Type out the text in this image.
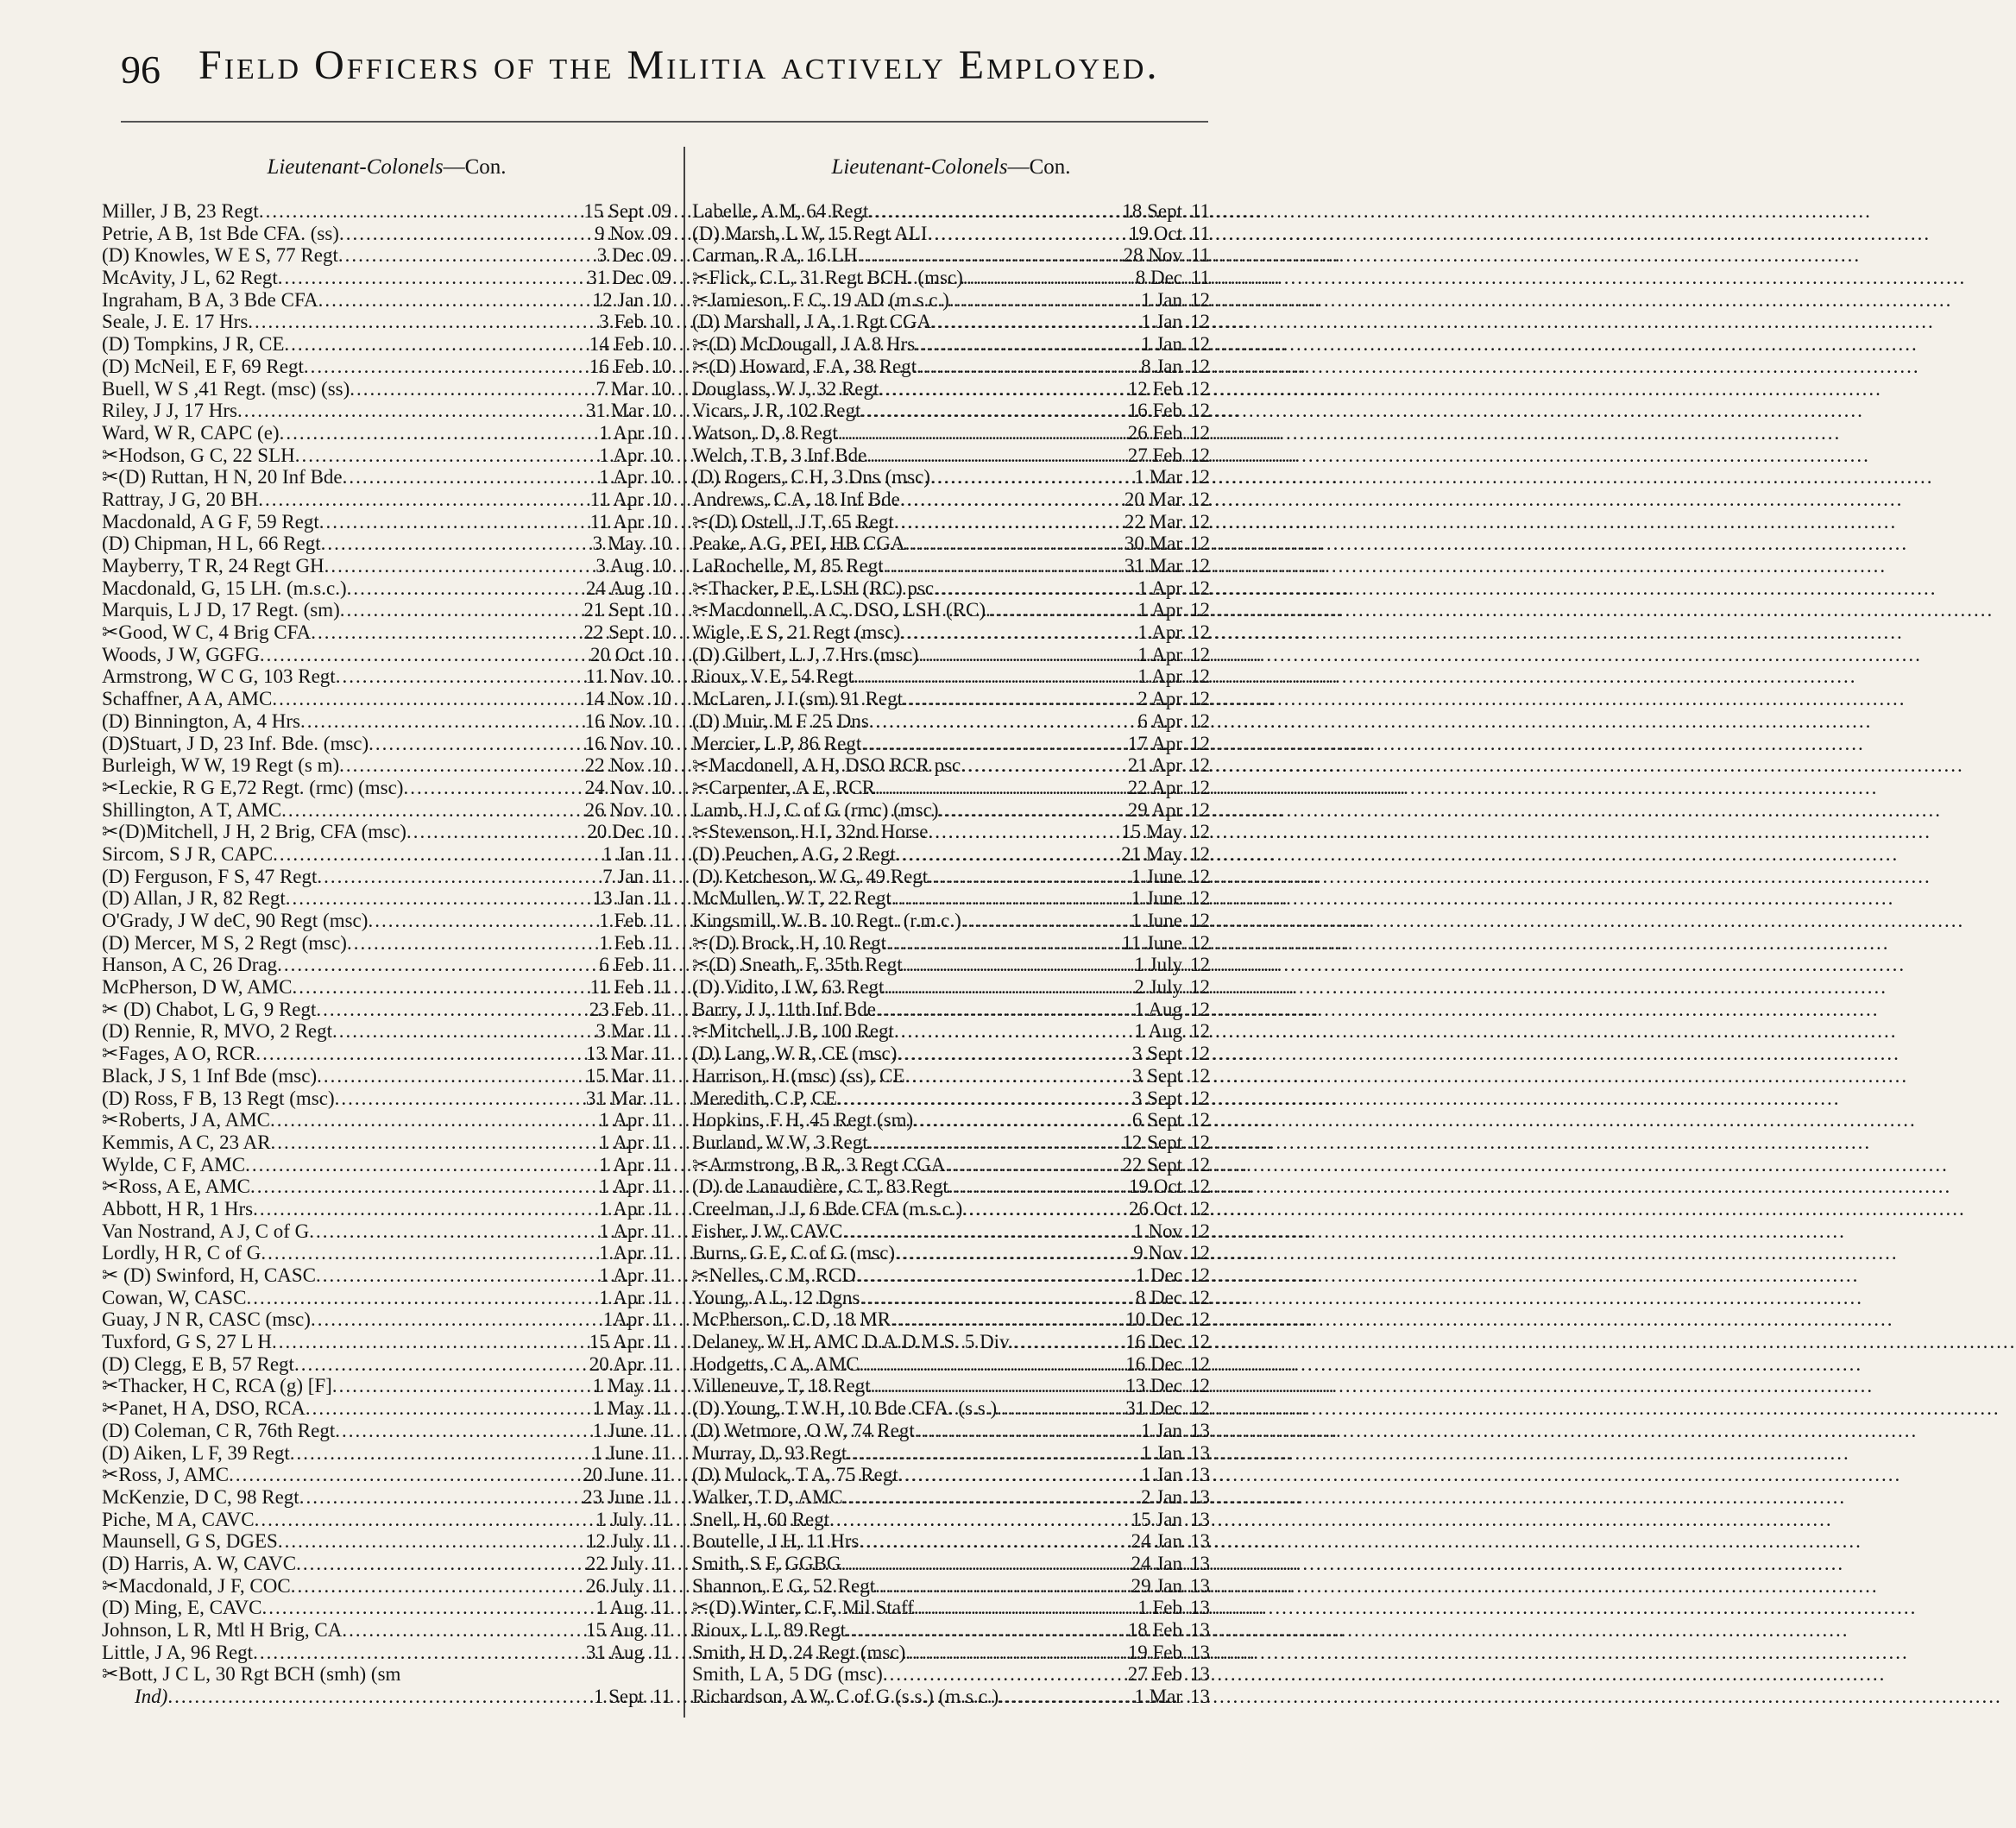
96 Field Officers of the Militia actively Employed.
Lieutenant-Colonels—Con.
Miller, J B, 23 Regt .....	15 Sept 09
Petrie, A B, 1st Bde CFA. (ss) .....	9 Nov 09
(D) Knowles, W E S, 77 Regt .....	3 Dec 09
McAvity, J L, 62 Regt .....	31 Dec 09
Ingraham, B A, 3 Bde CFA .....	12 Jan 10
Seale, J. E. 17 Hrs .....	3 Feb 10
(D) Tompkins, J R, CE .....	14 Feb 10
(D) McNeil, E F, 69 Regt .....	16 Feb 10
Buell, W S ,41 Regt. (msc) (ss) .....	7 Mar 10
Riley, J J, 17 Hrs .....	31 Mar 10
Ward, W R, CAPC (e) .....	1 Apr 10
✂Hodson, G C, 22 SLH .....	1 Apr 10
✂(D) Ruttan, H N, 20 Inf Bde .....	1 Apr 10
Rattray, J G, 20 BH .....	11 Apr 10
Macdonald, A G F, 59 Regt .....	11 Apr 10
(D) Chipman, H L, 66 Regt .....	3 May 10
Mayberry, T R, 24 Regt GH .....	3 Aug 10
Macdonald, G, 15 LH. (m.s.c.) .....	24 Aug 10
Marquis, L J D, 17 Regt. (sm) .....	21 Sept 10
✂Good, W C, 4 Brig CFA .....	22 Sept 10
Woods, J W, GGFG .....	20 Oct 10
Armstrong, W C G, 103 Regt .....	11 Nov 10
Schaffner, A A, AMC .....	14 Nov 10
(D) Binnington, A, 4 Hrs .....	16 Nov 10
(D)Stuart, J D, 23 Inf. Bde. (msc) .....	16 Nov 10
Burleigh, W W, 19 Regt (s m) .....	22 Nov 10
✂Leckie, R G E,72 Regt. (rmc) (msc) .....	24 Nov 10
Shillington, A T, AMC .....	26 Nov 10
✂(D)Mitchell, J H, 2 Brig, CFA (msc) .....	20 Dec 10
Sircom, S J R, CAPC .....	1 Jan 11
(D) Ferguson, F S, 47 Regt .....	7 Jan 11
(D) Allan, J R, 82 Regt .....	13 Jan 11
O'Grady, J W deC, 90 Regt (msc) .....	1 Feb 11
(D) Mercer, M S, 2 Regt (msc) .....	1 Feb 11
Hanson, A C, 26 Drag .....	6 Feb 11
McPherson, D W, AMC .....	11 Feb 11
✂ (D) Chabot, L G, 9 Regt .....	23 Feb 11
(D) Rennie, R, MVO, 2 Regt .....	3 Mar 11
✂Fages, A O, RCR .....	13 Mar 11
Black, J S, 1 Inf Bde (msc) .....	15 Mar 11
(D) Ross, F B, 13 Regt (msc) .....	31 Mar 11
✂Roberts, J A, AMC .....	1 Apr 11
Kemmis, A C, 23 AR .....	1 Apr 11
Wylde, C F, AMC .....	1 Apr 11
✂Ross, A E, AMC .....	1 Apr 11
Abbott, H R, 1 Hrs .....	1 Apr 11
Van Nostrand, A J, C of G .....	1 Apr 11
Lordly, H R, C of G .....	1 Apr 11
✂ (D) Swinford, H, CASC .....	1 Apr 11
Cowan, W, CASC .....	1 Apr 11
Guay, J N R, CASC (msc) .....	1Apr 11
Tuxford, G S, 27 L H .....	15 Apr 11
(D) Clegg, E B, 57 Regt .....	20 Apr 11
✂Thacker, H C, RCA (g) [F] .....	1 May 11
✂Panet, H A, DSO, RCA .....	1 May 11
(D) Coleman, C R, 76th Regt .....	1 June 11
(D) Aiken, L F, 39 Regt .....	1 June 11
✂Ross, J, AMC .....	20 June 11
McKenzie, D C, 98 Regt .....	23 June 11
Piche, M A, CAVC .....	1 July 11
Maunsell, G S, DGES .....	12 July 11
(D) Harris, A. W, CAVC .....	22 July 11
✂Macdonald, J F, COC .....	26 July 11
(D) Ming, E, CAVC .....	1 Aug 11
Johnson, L R, Mtl H Brig, CA .....	15 Aug 11
Little, J A, 96 Regt .....	31 Aug 11
✂Bott, J C L, 30 Rgt BCH (smh) (sm
Ind) .....	1 Sept 11
Lieutenant-Colonels—Con.
Labelle, A M, 64 Regt .....	18 Sept 11
(D) Marsh, L W, 15 Regt ALI .....	19 Oct 11
Carman, R A, 16 LH .....	28 Nov 11
✂Flick, C L, 31 Regt BCH. (msc) .....	8 Dec 11
✂Jamieson, F C, 19 AD (m.s.c.) .....	1 Jan 12
(D) Marshall, J A, 1 Rgt CGA .....	1 Jan 12
✂(D) McDougall, J A 8 Hrs .....	1 Jan 12
✂(D) Howard, F A, 38 Regt .....	8 Jan 12
Douglass, W J, 32 Regt .....	12 Feb 12
Vicars, J R, 102 Regt .....	16 Feb 12
Watson, D, 8 Regt .....	26 Feb 12
Welch, T B, 3 Inf Bde .....	27 Feb 12
(D) Rogers, C H, 3 Dns (msc) .....	1 Mar 12
Andrews, C A, 18 Inf Bde .....	20 Mar 12
✂(D) Ostell, J T, 65 Regt .....	22 Mar 12
Peake, A G, PEI, HB CGA .....	30 Mar 12
LaRochelle, M, 85 Regt .....	31 Mar 12
✂Thacker, P E, LSH (RC) psc .....	1 Apr 12
✂Macdonnell, A C, DSO, LSH (RC). .....	1 Apr 12
Wigle, E S, 21 Regt (msc) .....	1 Apr 12
(D) Gilbert, L J, 7 Hrs (msc) .....	1 Apr 12
Rioux, V E, 54 Regt .....	1 Apr 12
McLaren, J I (sm) 91 Regt .....	2 Apr 12
(D) Muir, M F 25 Dns .....	6 Apr 12
Mercier, L P, 86 Regt .....	17 Apr 12
✂Macdonell, A H, DSO RCR psc .....	21 Apr 12
✂Carpenter, A E, RCR .....	22 Apr 12
Lamb, H J, C of G (rmc) (msc) .....	29 Apr 12
✂Stevenson, H I, 32nd Horse .....	15 May 12
(D) Peuchen, A G, 2 Regt .....	21 May 12
(D) Ketcheson, W G, 49 Regt .....	1 June 12
McMullen, W T, 22 Regt .....	1 June 12
Kingsmill, W. B. 10 Regt. (r.m.c.) .....	1 June 12
✂(D) Brock, H, 10 Regt .....	11 June 12
✂(D) Sneath, F, 35th Regt .....	1 July 12
(D) Vidito, I W, 63 Regt .....	2 July 12
Barry, J J, 11th Inf Bde .....	1 Aug 12
✂Mitchell, J B, 100 Regt .....	1 Aug 12
(D) Lang, W R, CE (msc) .....	3 Sept 12
Harrison, H (msc) (ss), CE .....	3 Sept 12
Meredith, C P, CE .....	3 Sept 12
Hopkins, F H, 45 Regt (sm) .....	6 Sept 12
Burland, W W, 3 Regt .....	12 Sept 12
✂Armstrong, B R, 3 Regt CGA .....	22 Sept 12
(D) de Lanaudière, C T, 83 Regt .....	19 Oct 12
Creelman, J J, 6 Bde CFA (m.s.c.) .....	26 Oct 12
Fisher, J W, CAVC .....	1 Nov 12
Burns, G E, C of G (msc) .....	9 Nov 12
✂Nelles, C M, RCD .....	1 Dec 12
Young, A L, 12 Dgns .....	8 Dec 12
McPherson, C D, 18 MR .....	10 Dec 12
Delaney, W H, AMC D.A.D.M.S. 5 Div. .....	16 Dec 12
Hodgetts, C A, AMC .....	16 Dec 12
Villeneuve, T, 18 Regt .....	13 Dec 12
(D) Young, T W H, 10 Bde CFA. (s.s.) .....	31 Dec 12
(D) Wetmore, O W, 74 Regt .....	1 Jan 13
Murray, D, 93 Regt .....	1 Jan 13
(D) Mulock, T A, 75 Regt .....	1 Jan 13
Walker, T D, AMC .....	2 Jan 13
Snell, H, 60 Regt .....	15 Jan 13
Boutelle, J H, 11 Hrs .....	24 Jan 13
Smith, S F, GGBG .....	24 Jan 13
Shannon, E G, 52 Regt .....	29 Jan 13
✂(D) Winter, C F, Mil Staff .....	1 Feb 13
Rioux, L I, 89 Regt .....	18 Feb 13
Smith, H D, 24 Regt (msc) .....	19 Feb 13
Smith, L A, 5 DG (msc) .....	27 Feb 13
Richardson, A W, C of G (s.s.) (m.s.c.) .....	1 Mar 13
